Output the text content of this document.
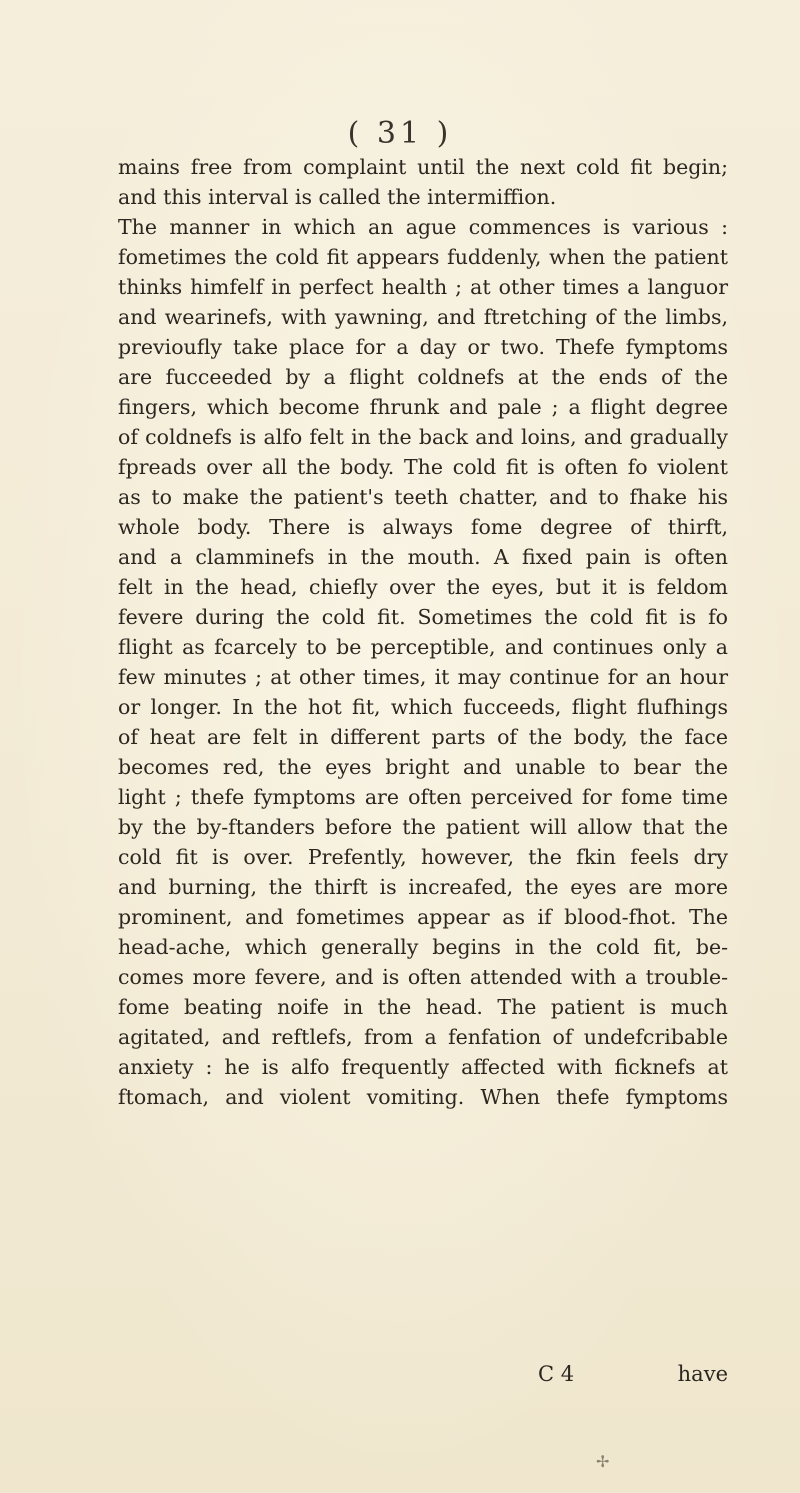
( 31 )
mains free from complaint until the next cold fit begin;
and this interval is called the intermiffion.
The manner in which an ague commences is various :
fometimes the cold fit appears fuddenly, when the patient
thinks himfelf in perfect health ; at other times a languor
and wearinefs, with yawning, and ftretching of the limbs,
previoufly take place for a day or two. Thefe fymptoms
are fucceeded by a flight coldnefs at the ends of the
fingers, which become fhrunk and pale ; a flight degree
of coldnefs is alfo felt in the back and loins, and gradually
fpreads over all the body. The cold fit is often fo violent
as to make the patient's teeth chatter, and to fhake his
whole body. There is always fome degree of thirft,
and a clamminefs in the mouth. A fixed pain is often
felt in the head, chiefly over the eyes, but it is feldom
fevere during the cold fit. Sometimes the cold fit is fo
flight as fcarcely to be perceptible, and continues only a
few minutes ; at other times, it may continue for an hour
or longer. In the hot fit, which fucceeds, flight flufhings
of heat are felt in different parts of the body, the face
becomes red, the eyes bright and unable to bear the
light ; thefe fymptoms are often perceived for fome time
by the by-ftanders before the patient will allow that the
cold fit is over. Prefently, however, the fkin feels dry
and burning, the thirft is increafed, the eyes are more
prominent, and fometimes appear as if blood-fhot. The
head-ache, which generally begins in the cold fit, be-
comes more fevere, and is often attended with a trouble-
fome beating noife in the head. The patient is much
agitated, and reftlefs, from a fenfation of undefcribable
anxiety : he is alfo frequently affected with ficknefs at
ftomach, and violent vomiting. When thefe fymptoms
C 4	have
✢
